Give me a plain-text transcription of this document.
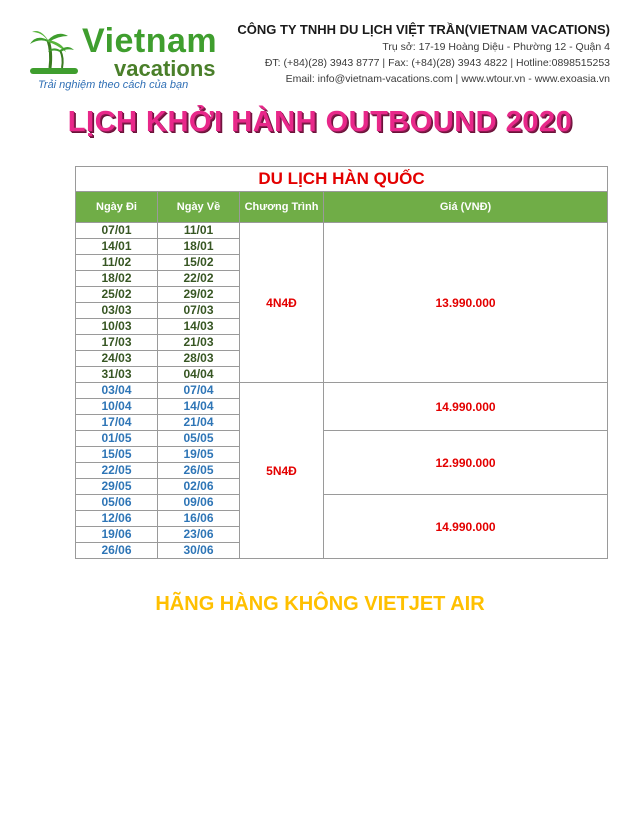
Vietnam
vacations
Trải nghiệm theo cách của bạn
CÔNG TY TNHH DU LỊCH VIỆT TRẦN(VIETNAM VACATIONS)
Trụ sở: 17-19 Hoàng Diệu - Phường 12 - Quận 4
ĐT: (+84)(28) 3943 8777 | Fax: (+84)(28) 3943 4822 | Hotline:0898515253
Email: info@vietnam-vacations.com | www.wtour.vn - www.exoasia.vn
LỊCH KHỞI HÀNH OUTBOUND 2020
DU LỊCH HÀN QUỐC			
Ngày Đi	Ngày Về	Chương Trình	Giá (VNĐ)
07/01	11/01	4N4Đ	13.990.000
14/01	18/01		
11/02	15/02		
18/02	22/02		
25/02	29/02		
03/03	07/03		
10/03	14/03		
17/03	21/03		
24/03	28/03		
31/03	04/04		
03/04	07/04	5N4Đ	14.990.000
10/04	14/04		
17/04	21/04		
01/05	05/05		12.990.000
15/05	19/05		
22/05	26/05		
29/05	02/06		
05/06	09/06		14.990.000
12/06	16/06		
19/06	23/06		
26/06	30/06		
HÃNG HÀNG KHÔNG VIETJET AIR
